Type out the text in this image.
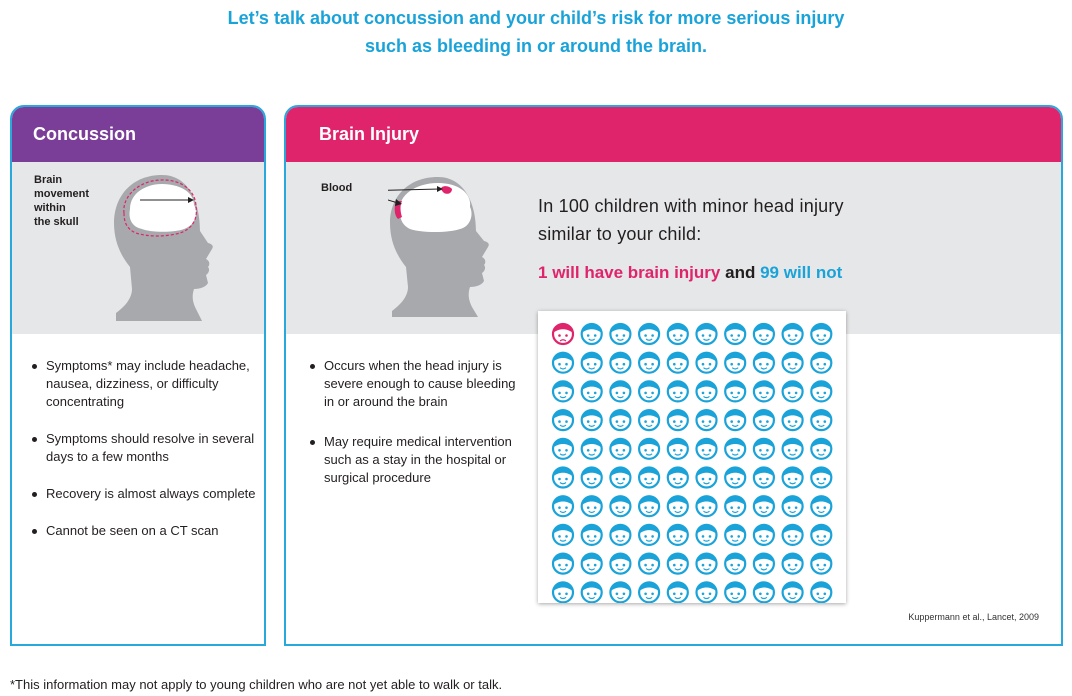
Let’s talk about concussion and your child’s risk for more serious injury
such as bleeding in or around the brain.
Concussion
Brain
movement
within
the skull
Symptoms* may include headache, nausea, dizziness, or difficulty concentrating
Symptoms should resolve in several days to a few months
Recovery is almost always complete
Cannot be seen on a CT scan
Brain Injury
Blood
In 100 children with minor head injury similar to your child:
1 will have brain injury and 99 will not
Occurs when the head injury is severe enough to cause bleeding in or around the brain
May require medical intervention such as a stay in the hospital or surgical procedure
Kuppermann et al., Lancet, 2009
*This information may not apply to young children who are not yet able to walk or talk.
